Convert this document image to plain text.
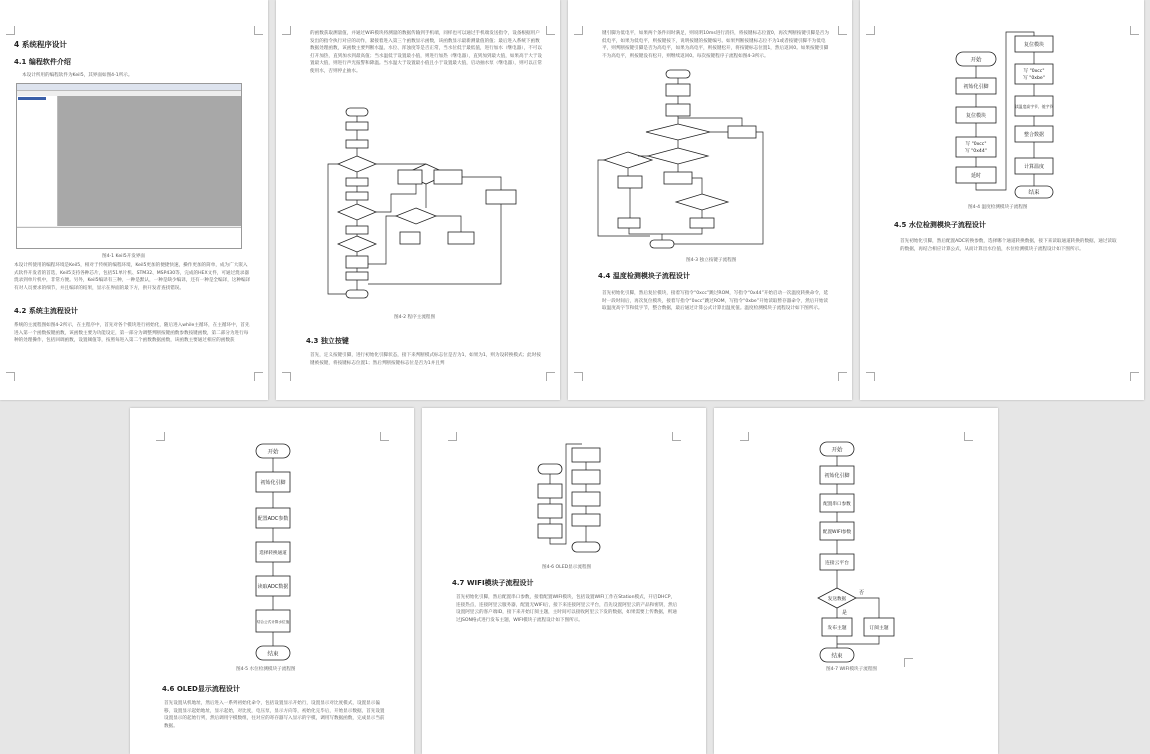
4 系统程序设计
4.1 编程软件介绍
本设计所用的编程软件为Keil5，其界面如图4-1所示。
图4-1 Keil5开发界面
本设计所使用的编程环境是Keil5，相对于传统的编程环境，Keil5更加的便捷快速，操作更加的简单，成为广大嵌入式软件开发者的首选，Keil5支持各种芯片，包括51单片机、STM32、MSP430等，完成的HEX文件，可通过烧录器烧录到单片机中，非常方便。另外，Keil5编译有三种，一种是默认，一种是缺少编译，还有一种是全编译，这种编译有对人员要求的细节，并且编译的结果，显示在界面的最下方，供开发者查找错误。
4.2 系统主流程设计
系统的主流程图如图4-2所示，在主程序中，首先对各个模块进行初始化，随后进入while主循环，在主循环中，首先进入第一个函数按键函数，该函数主要为功能设定，第一部分为调整判断按键函数参数按键函数，第二部分为进行每种的处理操作，包括回调函数，设置阈值等，按照每进入第二个函数数据函数，该函数主要通过相应的函数获
的函数获取测量值，并通过WiFi模块将测量的数据传输到手机端，同样也可以通过手机端发送指令，设备根据用户发出的指令执行对应的动作，紧接着进入第三个函数显示函数，该函数显示最新测量值的值；最后进入系统下函数数据处理函数，该函数主要判断水温、水位、浑浊度等是否正常，当水位低于最低值，进行加水（继电器），不可以打开加热，直到加水到最高值；当水温低于设置最小值，则进行加热（继电器），直到加到最大值，如果高于大于设置最大值，则进行声光报警和降温。当水温大于设置最小值且小于设置最大值，启动抽水泵（继电器），则可以正常使用水，否则停止抽水。
图4-2 程序主流程图
4.3 独立按键
首先，定义按键引脚，进行初始化引脚状态，接下来判断模式标志位是否为1，如果为1，则为设转换模式；此时按键被按键，将按键标志位置1；然后判断按键标志位是否为1并且判
键引脚为低电平，如果两个条件同时满足，则说明10ms进行消抖，将按键标志位置0，再次判断按键引脚是否为低电平，如果为低电平，则按键按下，说明按键的按键编号。如果判断按键标志位不为1或者按键引脚不为低电平，则判断按键引脚是否为高电平，如果为高电平，则按键松开，将按键标志位置1，然后返回0。如果按键引脚不为高电平，则按键没有松开，则继续返回0。每次按键程序子流程如图4-3所示。
图4-3 独立按键子流程图
4.4 温度检测模块子流程设计
首先初始化引脚，然后复位模块，接着写指令“0xcc”跳过ROM，写指令“0x44”开始启动一次温度转换命令，延时一段时间后，再次复位模块，接着写指令“0xcc”跳过ROM，写指令“0xbe”开始读取暂存器命令，然后开始读取温度高字节和低字节，整合数据，最后通过计算公式计算出温度值。温度检测模块子流程设计如下图所示。
开始
初始化引脚
复位模块
写 "0xcc"
写 "0x44"
延时
复位模块
写 "0xcc"
写 "0xbe"
读温度高字节、低字节
整合数据
计算温度
结束
图4-4 温度检测模块子流程图
4.5 水位检测模块子流程设计
首先初始化引脚，然后配置ADC转换参数，选择哪个通道转换数据，接下来读取通道转换的数据，通过读取的数据，再结合相应计算公式，从而计算出水位值，水位检测模块子流程设计如下图所示。
开始
初始化引脚
配置ADC参数
选择转换通道
读取ADC数据
结合公式计算水位值
结束
图4-5 水位检测模块子流程图
4.6 OLED显示流程设计
首先设置从机地址，然后进入一系列初始化命令，包括设置显示开始行，设置显示对比度模式，设置显示偏移，设置显示起始地址，显示起始，对比度，电压泵，显示方向等，初始化完毕后，开始显示数据，首先设置设置显示的起始行列，然后调用字模数组，往对应的寄存器写入显示的字模，调用写数据函数，完成显示当前数据。
图4-6 OLED显示流程图
4.7 WIFI模块子流程设计
首先初始化引脚，然后配置串口参数，接着配置WIFI模块，包括设置WIFI工作在Station模式，开启DHCP，连接热点，连接阿里云服务器，配置无WIFI后，接下来连接阿里云平台，首先设置阿里云的产品和密钥，然后设置阿里云的客户端ID，接下来开始订阅主题，主时间可以接收阿里云下发的数据，如果需要上传数据，则通过JSON格式进行发布主题，WIFI模块子流程设计如下图所示。
开始
初始化引脚
配置串口参数
配置WIFI参数
连接云平台
发送数据
是
否
发布主题	订阅主题
结束
图4-7 WIFI模块子流程图
